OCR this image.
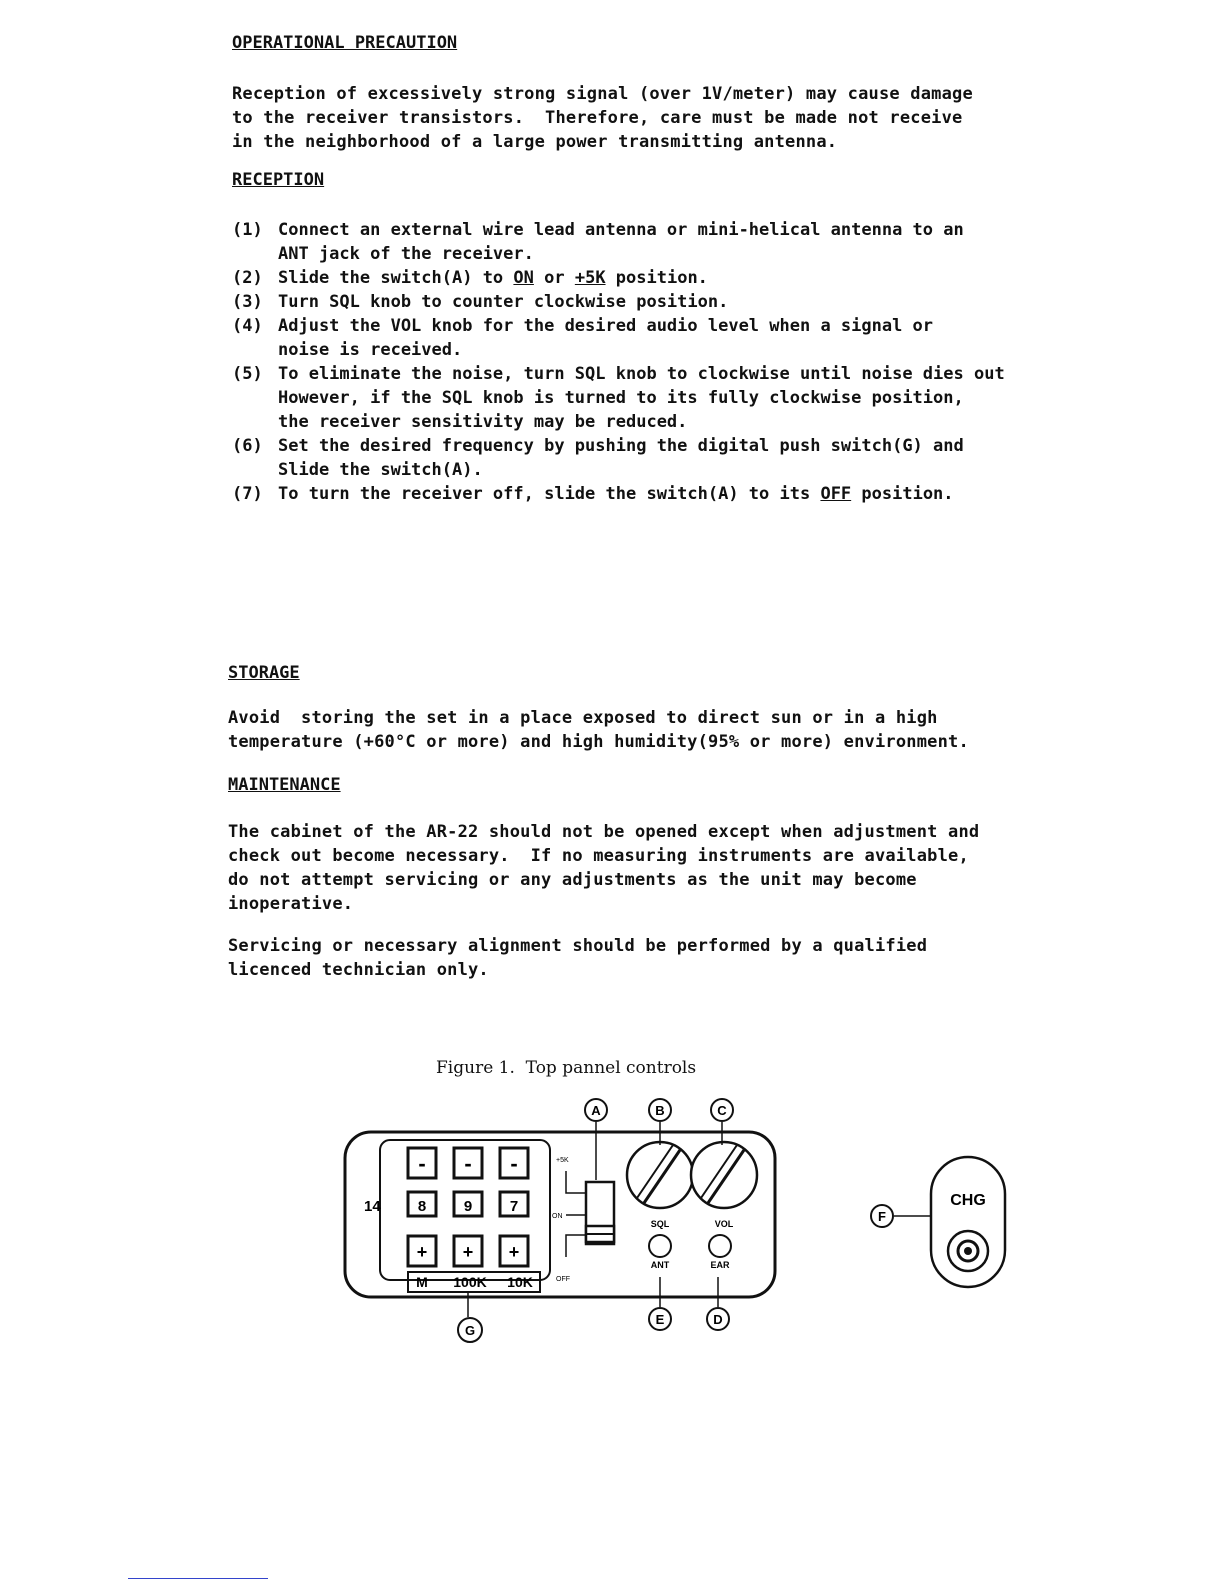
OPERATIONAL PRECAUTION
Reception of excessively strong signal (over 1V/meter) may cause damage
to the receiver transistors.  Therefore, care must be made not receive
in the neighborhood of a large power transmitting antenna.
RECEPTION
(1) Connect an external wire lead antenna or mini-helical antenna to an
ANT jack of the receiver.
(2) Slide the switch(A) to ON or +5K position.
(3) Turn SQL knob to counter clockwise position.
(4) Adjust the VOL knob for the desired audio level when a signal or
noise is received.
(5) To eliminate the noise, turn SQL knob to clockwise until noise dies out
However, if the SQL knob is turned to its fully clockwise position,
the receiver sensitivity may be reduced.
(6) Set the desired frequency by pushing the digital push switch(G) and
Slide the switch(A).
(7) To turn the receiver off, slide the switch(A) to its OFF position.
STORAGE
Avoid  storing the set in a place exposed to direct sun or in a high
temperature (+60°C or more) and high humidity(95% or more) environment.
MAINTENANCE
The cabinet of the AR-22 should not be opened except when adjustment and
check out become necessary.  If no measuring instruments are available,
do not attempt servicing or any adjustments as the unit may become
inoperative.
Servicing or necessary alignment should be performed by a qualified
licenced technician only.
Figure 1.  Top pannel controls
-
8
+
-
9
+
-
7
+
14
M 100K 10K
+5K
ON
OFF
SQL	VOL
ANT	EAR
A	B	C
E	D
G
F
CHG
